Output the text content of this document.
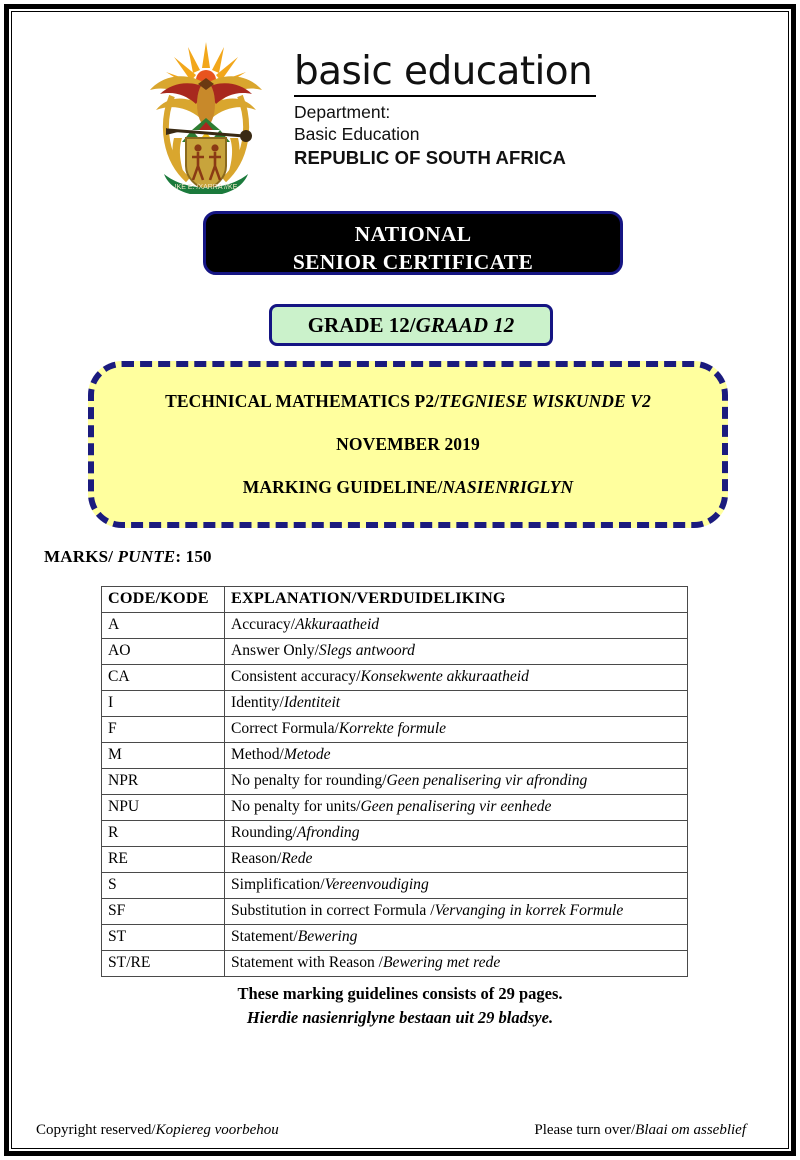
!KE E: /XARRA //KE
basic education
Department:
Basic Education
REPUBLIC OF SOUTH AFRICA
NATIONAL
SENIOR CERTIFICATE
GRADE 12/GRAAD 12
TECHNICAL MATHEMATICS P2/TEGNIESE WISKUNDE V2
NOVEMBER 2019
MARKING GUIDELINE/NASIENRIGLYN
MARKS/ PUNTE: 150
CODE/KODE	EXPLANATION/VERDUIDELIKING
A	Accuracy/Akkuraatheid
AO	Answer Only/Slegs antwoord
CA	Consistent accuracy/Konsekwente akkuraatheid
I	Identity/Identiteit
F	Correct Formula/Korrekte formule
M	Method/Metode
NPR	No penalty for rounding/Geen penalisering vir afronding
NPU	No penalty for units/Geen penalisering vir eenhede
R	Rounding/Afronding
RE	Reason/Rede
S	Simplification/Vereenvoudiging
SF	Substitution in correct Formula /Vervanging in korrek Formule
ST	Statement/Bewering
ST/RE	Statement with Reason /Bewering met rede
These marking guidelines consists of 29 pages.
Hierdie nasienriglyne bestaan uit 29 bladsye.
Copyright reserved/Kopiereg voorbehou	Please turn over/Blaai om asseblief
